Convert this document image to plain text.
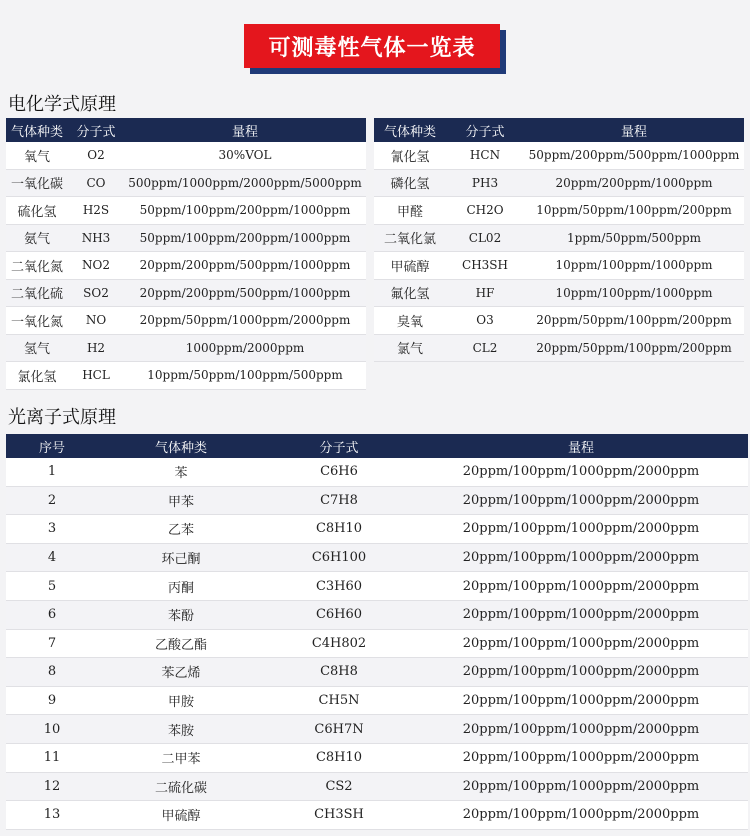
可测毒性气体一览表
电化学式原理
气体种类	分子式	量程
氧气	O2	30%VOL
一氧化碳	CO	500ppm/1000ppm/2000ppm/5000ppm
硫化氢	H2S	50ppm/100ppm/200ppm/1000ppm
氨气	NH3	50ppm/100ppm/200ppm/1000ppm
二氧化氮	NO2	20ppm/200ppm/500ppm/1000ppm
二氧化硫	SO2	20ppm/200ppm/500ppm/1000ppm
一氧化氮	NO	20ppm/50ppm/1000ppm/2000ppm
氢气	H2	1000ppm/2000ppm
氯化氢	HCL	10ppm/50ppm/100ppm/500ppm
气体种类	分子式	量程
氰化氢	HCN	50ppm/200ppm/500ppm/1000ppm
磷化氢	PH3	20ppm/200ppm/1000ppm
甲醛	CH2O	10ppm/50ppm/100ppm/200ppm
二氧化氯	CL02	1ppm/50ppm/500ppm
甲硫醇	CH3SH	10ppm/100ppm/1000ppm
氟化氢	HF	10ppm/100ppm/1000ppm
臭氧	O3	20ppm/50ppm/100ppm/200ppm
氯气	CL2	20ppm/50ppm/100ppm/200ppm
光离子式原理
序号	气体种类	分子式	量程
1	苯	C6H6	20ppm/100ppm/1000ppm/2000ppm
2	甲苯	C7H8	20ppm/100ppm/1000ppm/2000ppm
3	乙苯	C8H10	20ppm/100ppm/1000ppm/2000ppm
4	环己酮	C6H100	20ppm/100ppm/1000ppm/2000ppm
5	丙酮	C3H60	20ppm/100ppm/1000ppm/2000ppm
6	苯酚	C6H60	20ppm/100ppm/1000ppm/2000ppm
7	乙酸乙酯	C4H802	20ppm/100ppm/1000ppm/2000ppm
8	苯乙烯	C8H8	20ppm/100ppm/1000ppm/2000ppm
9	甲胺	CH5N	20ppm/100ppm/1000ppm/2000ppm
10	苯胺	C6H7N	20ppm/100ppm/1000ppm/2000ppm
11	二甲苯	C8H10	20ppm/100ppm/1000ppm/2000ppm
12	二硫化碳	CS2	20ppm/100ppm/1000ppm/2000ppm
13	甲硫醇	CH3SH	20ppm/100ppm/1000ppm/2000ppm
